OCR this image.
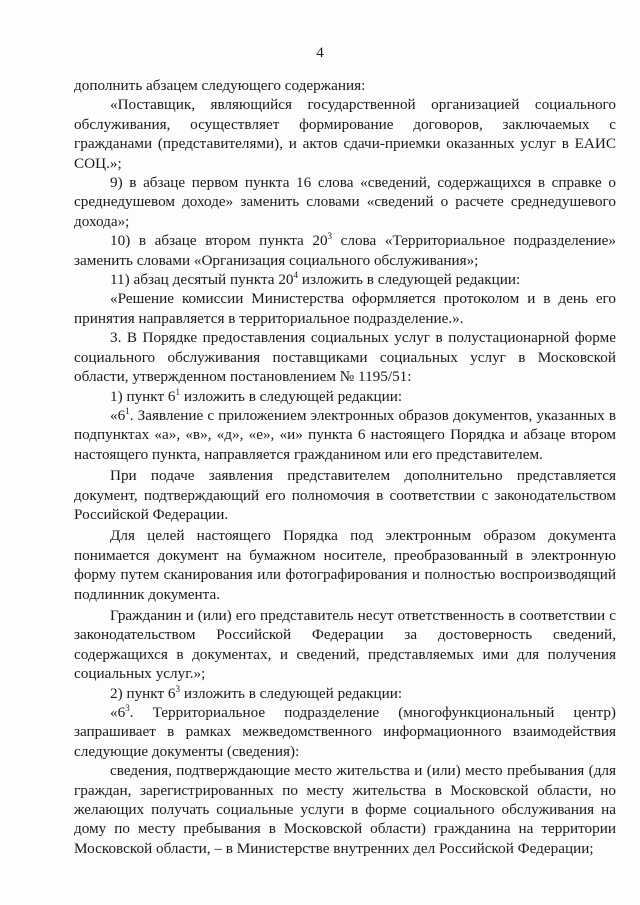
4

дополнить абзацем следующего содержания:

«Поставщик, являющийся государственной организацией социального обслуживания, осуществляет формирование договоров, заключаемых с гражданами (представителями), и актов сдачи-приемки оказанных услуг в ЕАИС СОЦ.»;

9) в абзаце первом пункта 16 слова «сведений, содержащихся в справке о среднедушевом доходе» заменить словами «сведений о расчете среднедушевого дохода»;

10) в абзаце втором пункта $20^3$ слова «Территориальное подразделение» заменить словами «Организация социального обслуживания»;

11) абзац десятый пункта $20^4$ изложить в следующей редакции:

«Решение комиссии Министерства оформляется протоколом и в день его принятия направляется в территориальное подразделение.».

3. В Порядке предоставления социальных услуг в полустационарной форме социального обслуживания поставщиками социальных услуг в Московской области, утвержденном постановлением № 1195/51:

1) пункт $6^1$ изложить в следующей редакции:

«$6^1$. Заявление с приложением электронных образов документов, указанных в подпунктах «а», «в», «д», «е», «и» пункта 6 настоящего Порядка и абзаце втором настоящего пункта, направляется гражданином или его представителем.

При подаче заявления представителем дополнительно представляется документ, подтверждающий его полномочия в соответствии с законодательством Российской Федерации.

Для целей настоящего Порядка под электронным образом документа понимается документ на бумажном носителе, преобразованный в электронную форму путем сканирования или фотографирования и полностью воспроизводящий подлинник документа.

Гражданин и (или) его представитель несут ответственность в соответствии с законодательством Российской Федерации за достоверность сведений, содержащихся в документах, и сведений, представляемых ими для получения социальных услуг.»;

2) пункт $6^3$ изложить в следующей редакции:

«$6^3$. Территориальное подразделение (многофункциональный центр) запрашивает в рамках межведомственного информационного взаимодействия следующие документы (сведения):

сведения, подтверждающие место жительства и (или) место пребывания (для граждан, зарегистрированных по месту жительства в Московской области, но желающих получать социальные услуги в форме социального обслуживания на дому по месту пребывания в Московской области) гражданина на территории Московской области, – в Министерстве внутренних дел Российской Федерации;
